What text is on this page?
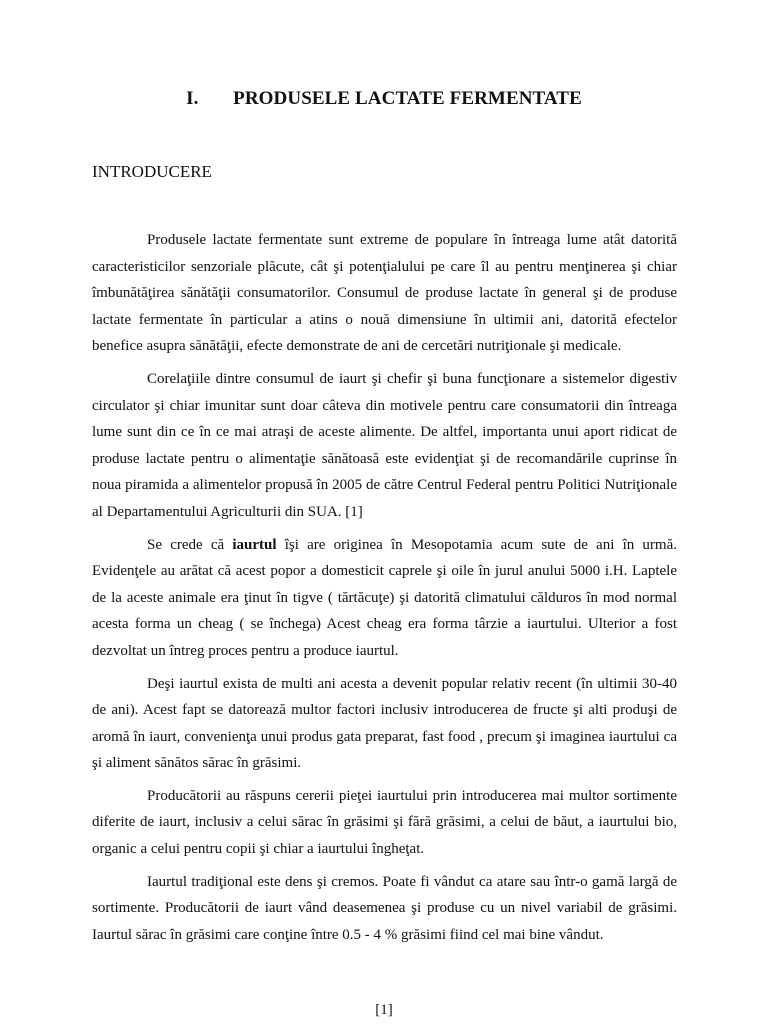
I. PRODUSELE LACTATE FERMENTATE
INTRODUCERE

Produsele lactate fermentate sunt extreme de populare în întreaga lume atât datorită caracteristicilor senzoriale plăcute, cât şi potenţialului pe care îl au pentru menţinerea şi chiar îmbunătăţirea sănătăţii consumatorilor. Consumul de produse lactate în general şi de produse lactate fermentate în particular a atins o nouă dimensiune în ultimii ani, datorită efectelor benefice asupra sănătăţii, efecte demonstrate de ani de cercetări nutriţionale şi medicale.

Corelaţiile dintre consumul de iaurt şi chefir şi buna funcţionare a sistemelor digestiv circulator şi chiar imunitar sunt doar câteva din motivele pentru care consumatorii din întreaga lume sunt din ce în ce mai atraşi de aceste alimente. De altfel, importanta unui aport ridicat de produse lactate pentru o alimentaţie sănătoasă este evidenţiat şi de recomandările cuprinse în noua piramida a alimentelor propusă în 2005 de către Centrul Federal pentru Politici Nutriţionale al Departamentului Agriculturii din SUA. [1]

Se crede că iaurtul îşi are originea în Mesopotamia acum sute de ani în urmă. Evidenţele au arătat că acest popor a domesticit caprele şi oile în jurul anului 5000 i.H. Laptele de la aceste animale era ţinut în tigve ( tărtăcuţe) şi datorită climatului călduros în mod normal acesta forma un cheag ( se închega) Acest cheag era forma târzie a iaurtului. Ulterior a fost dezvoltat un întreg proces pentru a produce iaurtul.

Deşi iaurtul exista de multi ani acesta a devenit popular relativ recent (în ultimii 30-40 de ani). Acest fapt se datorează multor factori inclusiv introducerea de fructe şi alti produşi de aromă în iaurt, convenienţa unui produs gata preparat, fast food , precum şi imaginea iaurtului ca şi aliment sănătos sărac în grăsimi.

Producătorii au răspuns cererii pieţei iaurtului prin introducerea mai multor sortimente diferite de iaurt, inclusiv a celui sărac în grăsimi şi fără grăsimi, a celui de băut, a iaurtului bio, organic a celui pentru copii şi chiar a iaurtului îngheţat.

Iaurtul tradiţional este dens şi cremos. Poate fi vândut ca atare sau într-o gamă largă de sortimente. Producătorii de iaurt vând deasemenea şi produse cu un nivel variabil de grăsimi. Iaurtul sărac în grăsimi care conţine între 0.5 - 4 % grăsimi fiind cel mai bine vândut.

[1]
